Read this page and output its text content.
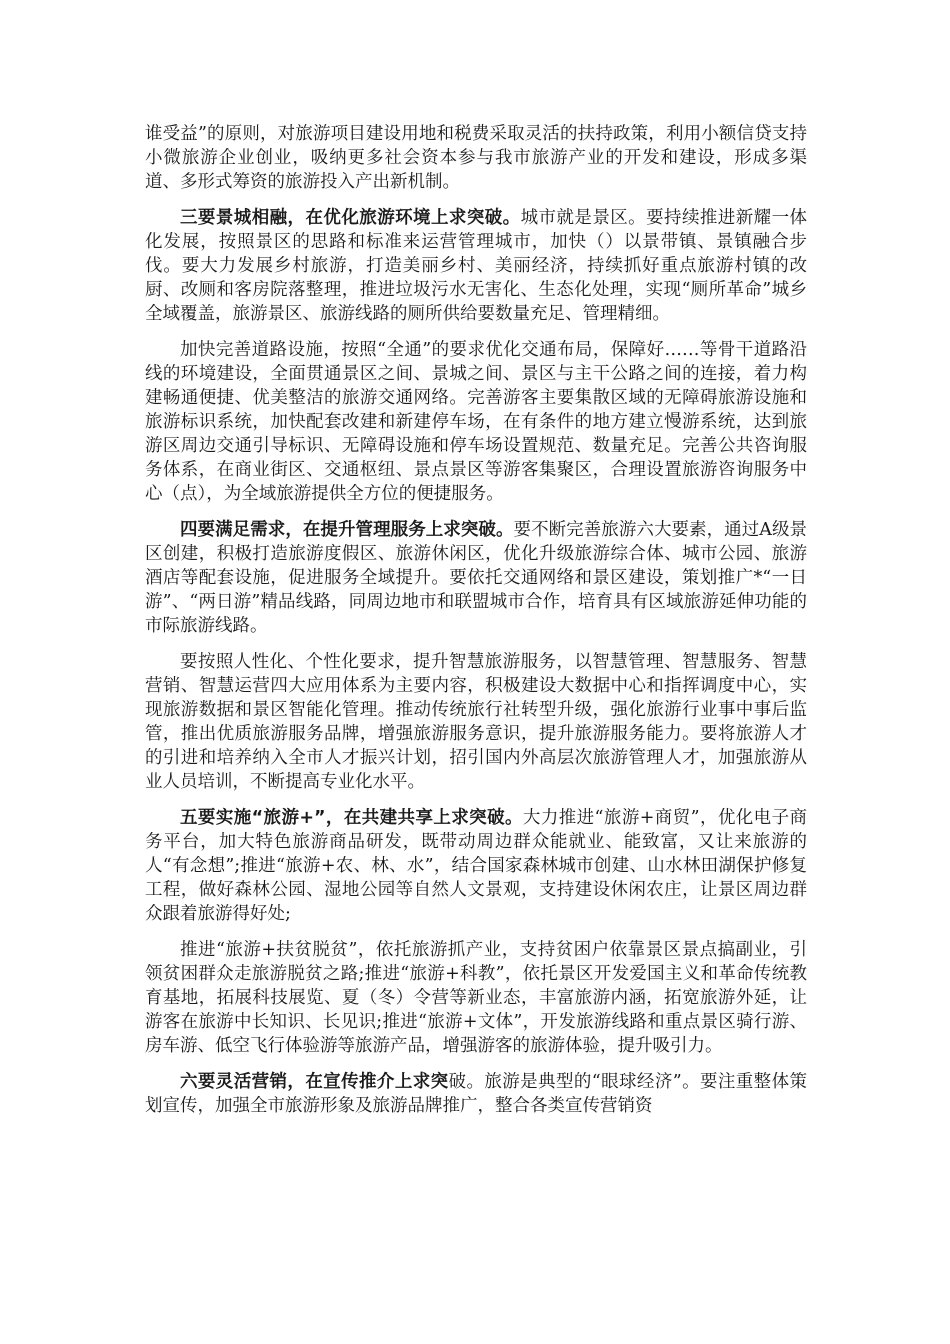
谁受益”的原则，对旅游项目建设用地和税费采取灵活的扶持政策，利用小额信贷支持小微旅游企业创业，吸纳更多社会资本参与我市旅游产业的开发和建设，形成多渠道、多形式筹资的旅游投入产出新机制。

三要景城相融，在优化旅游环境上求突破。城市就是景区。要持续推进新耀一体化发展，按照景区的思路和标准来运营管理城市，加快（）以景带镇、景镇融合步伐。要大力发展乡村旅游，打造美丽乡村、美丽经济，持续抓好重点旅游村镇的改厨、改厕和客房院落整理，推进垃圾污水无害化、生态化处理，实现“厕所革命”城乡全域覆盖，旅游景区、旅游线路的厕所供给要数量充足、管理精细。

加快完善道路设施，按照“全通”的要求优化交通布局，保障好……等骨干道路沿线的环境建设，全面贯通景区之间、景城之间、景区与主干公路之间的连接，着力构建畅通便捷、优美整洁的旅游交通网络。完善游客主要集散区域的无障碍旅游设施和旅游标识系统，加快配套改建和新建停车场，在有条件的地方建立慢游系统，达到旅游区周边交通引导标识、无障碍设施和停车场设置规范、数量充足。完善公共咨询服务体系，在商业街区、交通枢纽、景点景区等游客集聚区，合理设置旅游咨询服务中心（点），为全域旅游提供全方位的便捷服务。

四要满足需求，在提升管理服务上求突破。要不断完善旅游六大要素，通过A级景区创建，积极打造旅游度假区、旅游休闲区，优化升级旅游综合体、城市公园、旅游酒店等配套设施，促进服务全域提升。要依托交通网络和景区建设，策划推广*“一日游”、“两日游”精品线路，同周边地市和联盟城市合作，培育具有区域旅游延伸功能的市际旅游线路。

要按照人性化、个性化要求，提升智慧旅游服务，以智慧管理、智慧服务、智慧营销、智慧运营四大应用体系为主要内容，积极建设大数据中心和指挥调度中心，实现旅游数据和景区智能化管理。推动传统旅行社转型升级，强化旅游行业事中事后监管，推出优质旅游服务品牌，增强旅游服务意识，提升旅游服务能力。要将旅游人才的引进和培养纳入全市人才振兴计划，招引国内外高层次旅游管理人才，加强旅游从业人员培训，不断提高专业化水平。

五要实施“旅游+”，在共建共享上求突破。大力推进“旅游+商贸”，优化电子商务平台，加大特色旅游商品研发，既带动周边群众能就业、能致富，又让来旅游的人“有念想”;推进“旅游+农、林、水”，结合国家森林城市创建、山水林田湖保护修复工程，做好森林公园、湿地公园等自然人文景观，支持建设休闲农庄，让景区周边群众跟着旅游得好处;

推进“旅游+扶贫脱贫”，依托旅游抓产业，支持贫困户依靠景区景点搞副业，引领贫困群众走旅游脱贫之路;推进“旅游+科教”，依托景区开发爱国主义和革命传统教育基地，拓展科技展览、夏（冬）令营等新业态，丰富旅游内涵，拓宽旅游外延，让游客在旅游中长知识、长见识;推进“旅游+文体”，开发旅游线路和重点景区骑行游、房车游、低空飞行体验游等旅游产品，增强游客的旅游体验，提升吸引力。

六要灵活营销，在宣传推介上求突破。旅游是典型的“眼球经济”。要注重整体策划宣传，加强全市旅游形象及旅游品牌推广，整合各类宣传营销资
